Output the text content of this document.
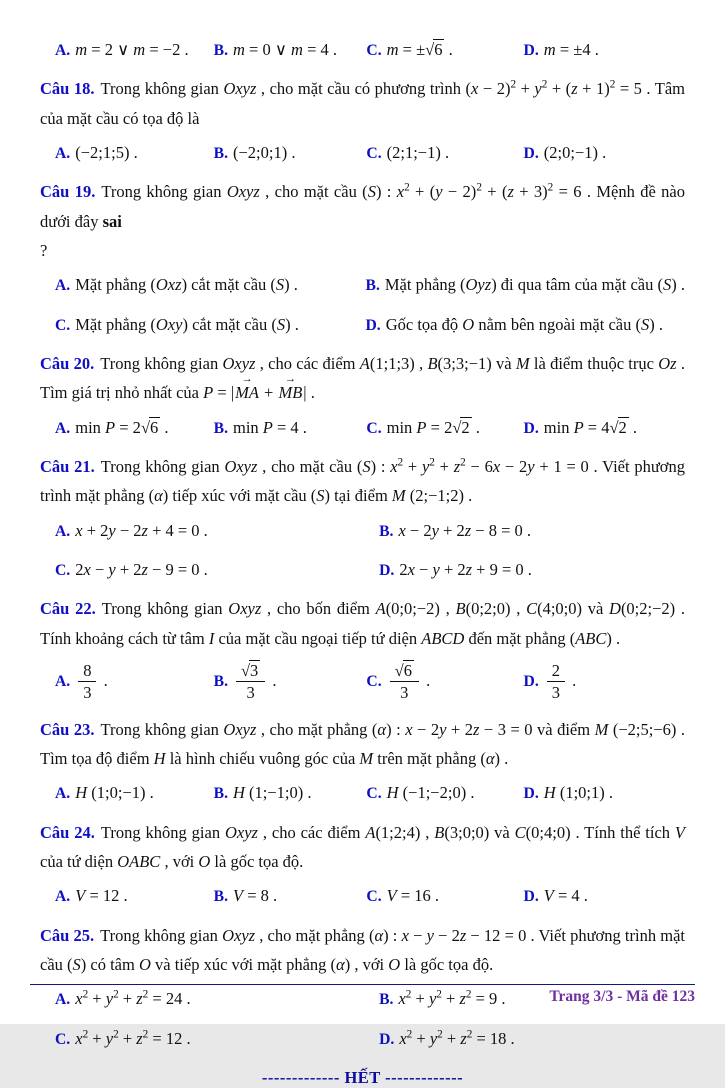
A. m = 2 ∨ m = −2 .	B. m = 0 ∨ m = 4 .	C. m = ±√6 .	D. m = ±4 .

Câu 18. Trong không gian Oxyz , cho mặt cầu có phương trình $(x - 2)^2 + y^2 + (z + 1)^2 = 5$ . Tâm của mặt cầu có tọa độ là

A. (−2;1;5) .	B. (−2;0;1) .	C. (2;1;−1) .	D. (2;0;−1) .

Câu 19. Trong không gian Oxyz , cho mặt cầu (S) : $x^2 + (y - 2)^2 + (z + 3)^2 = 6$ . Mệnh đề nào dưới đây sai
?

A. Mặt phẳng (Oxz) cắt mặt cầu (S) .	B. Mặt phẳng (Oyz) đi qua tâm của mặt cầu (S) .
C. Mặt phẳng (Oxy) cắt mặt cầu (S) .	D. Gốc tọa độ O nằm bên ngoài mặt cầu (S) .

Câu 20. Trong không gian Oxyz , cho các điểm A(1;1;3) , B(3;3;−1) và M là điểm thuộc trục Oz . Tìm giá trị nhỏ nhất của P = |→ MA + → MB| .

A. min P = 2√6 .	B. min P = 4 .	C. min P = 2√2 .	D. min P = 4√2 .

Câu 21. Trong không gian Oxyz , cho mặt cầu (S) : $x^2 + y^2 + z^2 - 6x - 2y + 1 = 0$ . Viết phương trình mặt phẳng (α) tiếp xúc với mặt cầu (S) tại điểm M (2;−1;2) .

A. x + 2y − 2z + 4 = 0 .	B. x − 2y + 2z − 8 = 0 .
C. 2x − y + 2z − 9 = 0 .	D. 2x − y + 2z + 9 = 0 .

Câu 22. Trong không gian Oxyz , cho bốn điểm A(0;0;−2) , B(0;2;0) , C(4;0;0) và D(0;2;−2) . Tính khoảng cách từ tâm I của mặt cầu ngoại tiếp tứ diện ABCD đến mặt phẳng (ABC) .

A. $\frac{8}{3}$ .	B. $\frac{√3}{3}$ .	C. $\frac{√6}{3}$ .	D. $\frac{2}{3}$ .

Câu 23. Trong không gian Oxyz , cho mặt phẳng (α) : x − 2y + 2z − 3 = 0 và điểm M (−2;5;−6) . Tìm tọa độ điểm H là hình chiếu vuông góc của M trên mặt phẳng (α) .

A. H (1;0;−1) .	B. H (1;−1;0) .	C. H (−1;−2;0) .	D. H (1;0;1) .

Câu 24. Trong không gian Oxyz , cho các điểm A(1;2;4) , B(3;0;0) và C(0;4;0) . Tính thể tích V của tứ diện OABC , với O là gốc tọa độ.

A. V = 12 .	B. V = 8 .	C. V = 16 .	D. V = 4 .

Câu 25. Trong không gian Oxyz , cho mặt phẳng (α) : x − y − 2z − 12 = 0 . Viết phương trình mặt cầu (S) có tâm O và tiếp xúc với mặt phẳng (α) , với O là gốc tọa độ.

A. $x^2 + y^2 + z^2 = 24$ .	B. $x^2 + y^2 + z^2 = 9$ .
C. $x^2 + y^2 + z^2 = 12$ .	D. $x^2 + y^2 + z^2 = 18$ .

------------- HẾT -------------

Trang 3/3 - Mã đề 123
